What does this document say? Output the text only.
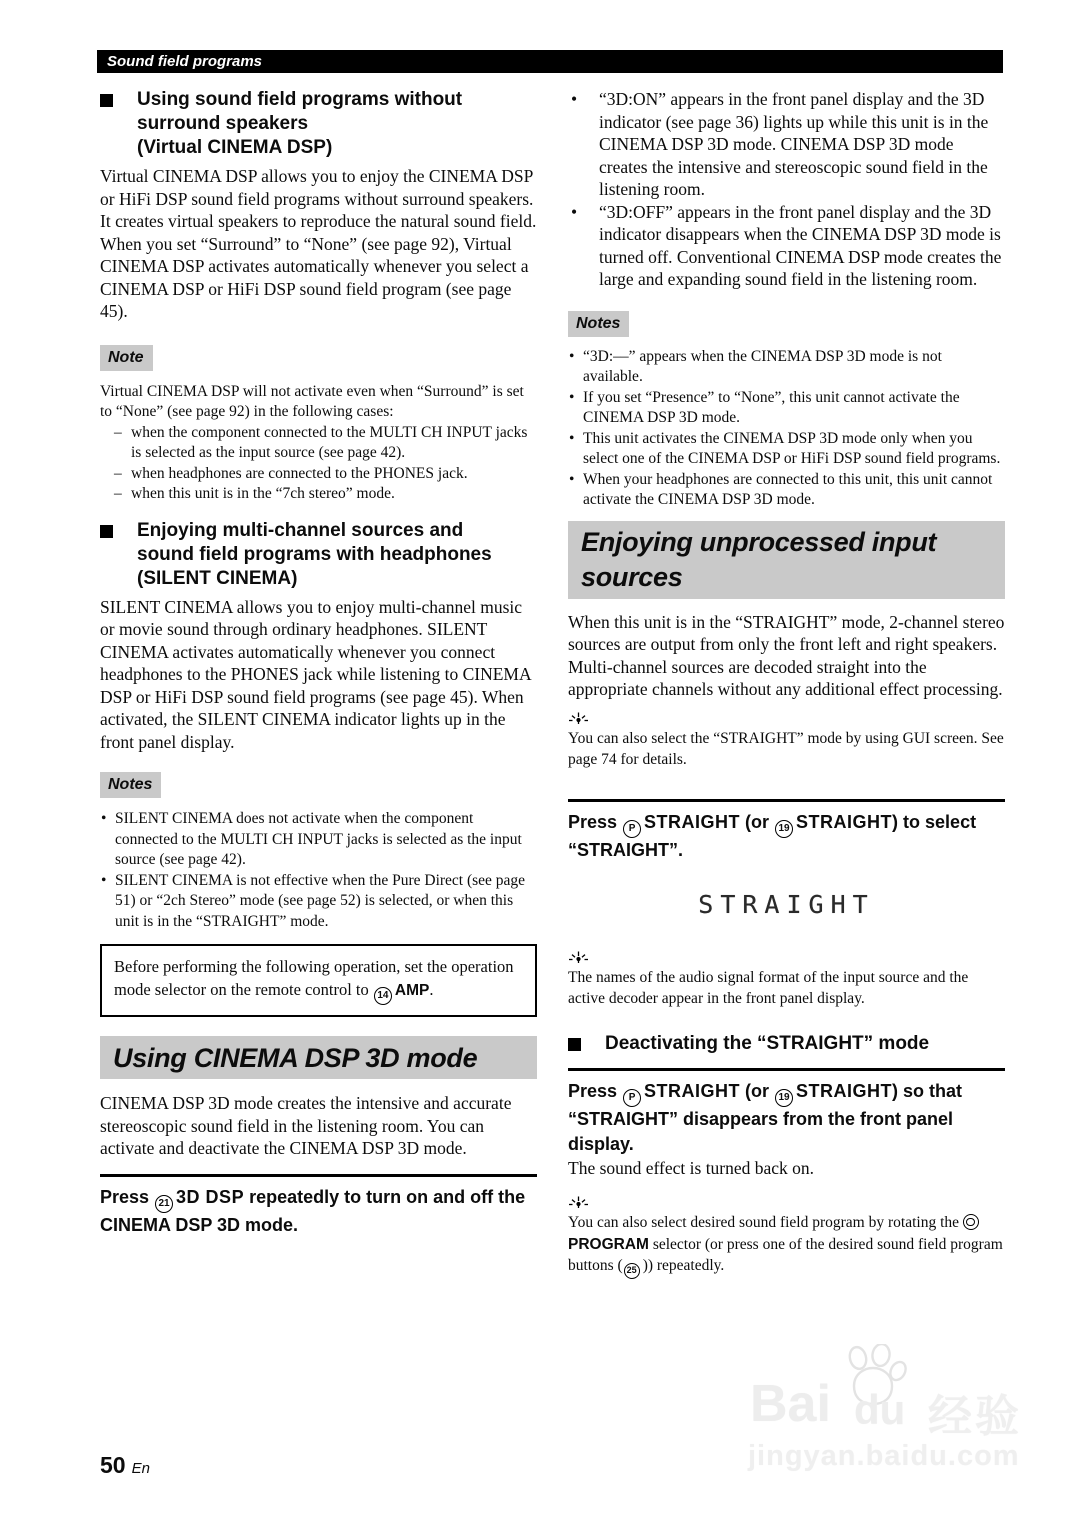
Sound field programs
Using sound field programs without
surround speakers
(Virtual CINEMA DSP)
Virtual CINEMA DSP allows you to enjoy the CINEMA DSP or HiFi DSP sound field programs without surround speakers. It creates virtual speakers to reproduce the natural sound field.
When you set “Surround” to “None” (see page 92), Virtual CINEMA DSP activates automatically whenever you select a CINEMA DSP or HiFi DSP sound field program (see page 45).
Note
Virtual CINEMA DSP will not activate even when “Surround” is set to “None” (see page 92) in the following cases:
– when the component connected to the MULTI CH INPUT jacks is selected as the input source (see page 42).
– when headphones are connected to the PHONES jack.
– when this unit is in the “7ch stereo” mode.
Enjoying multi-channel sources and
sound field programs with headphones
(SILENT CINEMA)
SILENT CINEMA allows you to enjoy multi-channel music or movie sound through ordinary headphones. SILENT CINEMA activates automatically whenever you connect headphones to the PHONES jack while listening to CINEMA DSP or HiFi DSP sound field programs (see page 45). When activated, the SILENT CINEMA indicator lights up in the front panel display.
Notes
• SILENT CINEMA does not activate when the component connected to the MULTI CH INPUT jacks is selected as the input source (see page 42).
• SILENT CINEMA is not effective when the Pure Direct (see page 51) or “2ch Stereo” mode (see page 52) is selected, or when this unit is in the “STRAIGHT” mode.
Before performing the following operation, set the operation mode selector on the remote control to 14 AMP.
Using CINEMA DSP 3D mode
CINEMA DSP 3D mode creates the intensive and accurate stereoscopic sound field in the listening room. You can activate and deactivate the CINEMA DSP 3D mode.
Press 21 3D DSP repeatedly to turn on and off the CINEMA DSP 3D mode.
• “3D:ON” appears in the front panel display and the 3D indicator (see page 36) lights up while this unit is in the CINEMA DSP 3D mode. CINEMA DSP 3D mode creates the intensive and stereoscopic sound field in the listening room.
• “3D:OFF” appears in the front panel display and the 3D indicator disappears when the CINEMA DSP 3D mode is turned off. Conventional CINEMA DSP mode creates the large and expanding sound field in the listening room.
Notes
• “3D:––” appears when the CINEMA DSP 3D mode is not available.
• If you set “Presence” to “None”, this unit cannot activate the CINEMA DSP 3D mode.
• This unit activates the CINEMA DSP 3D mode only when you select one of the CINEMA DSP or HiFi DSP sound field programs.
• When your headphones are connected to this unit, this unit cannot activate the CINEMA DSP 3D mode.
Enjoying unprocessed input
sources
When this unit is in the “STRAIGHT” mode, 2-channel stereo sources are output from only the front left and right speakers. Multi-channel sources are decoded straight into the appropriate channels without any additional effect processing.
You can also select the “STRAIGHT” mode by using GUI screen. See page 74 for details.
Press P STRAIGHT (or 19 STRAIGHT) to select “STRAIGHT”.
STRAIGHT
The names of the audio signal format of the input source and the active decoder appear in the front panel display.
Deactivating the “STRAIGHT” mode
Press P STRAIGHT (or 19 STRAIGHT) so that “STRAIGHT” disappears from the front panel display.
The sound effect is turned back on.
You can also select desired sound field program by rotating the PROGRAM selector (or press one of the desired sound field program buttons ( 25 )) repeatedly.
Bai du 经验
jingyan.baidu.com
50 En
